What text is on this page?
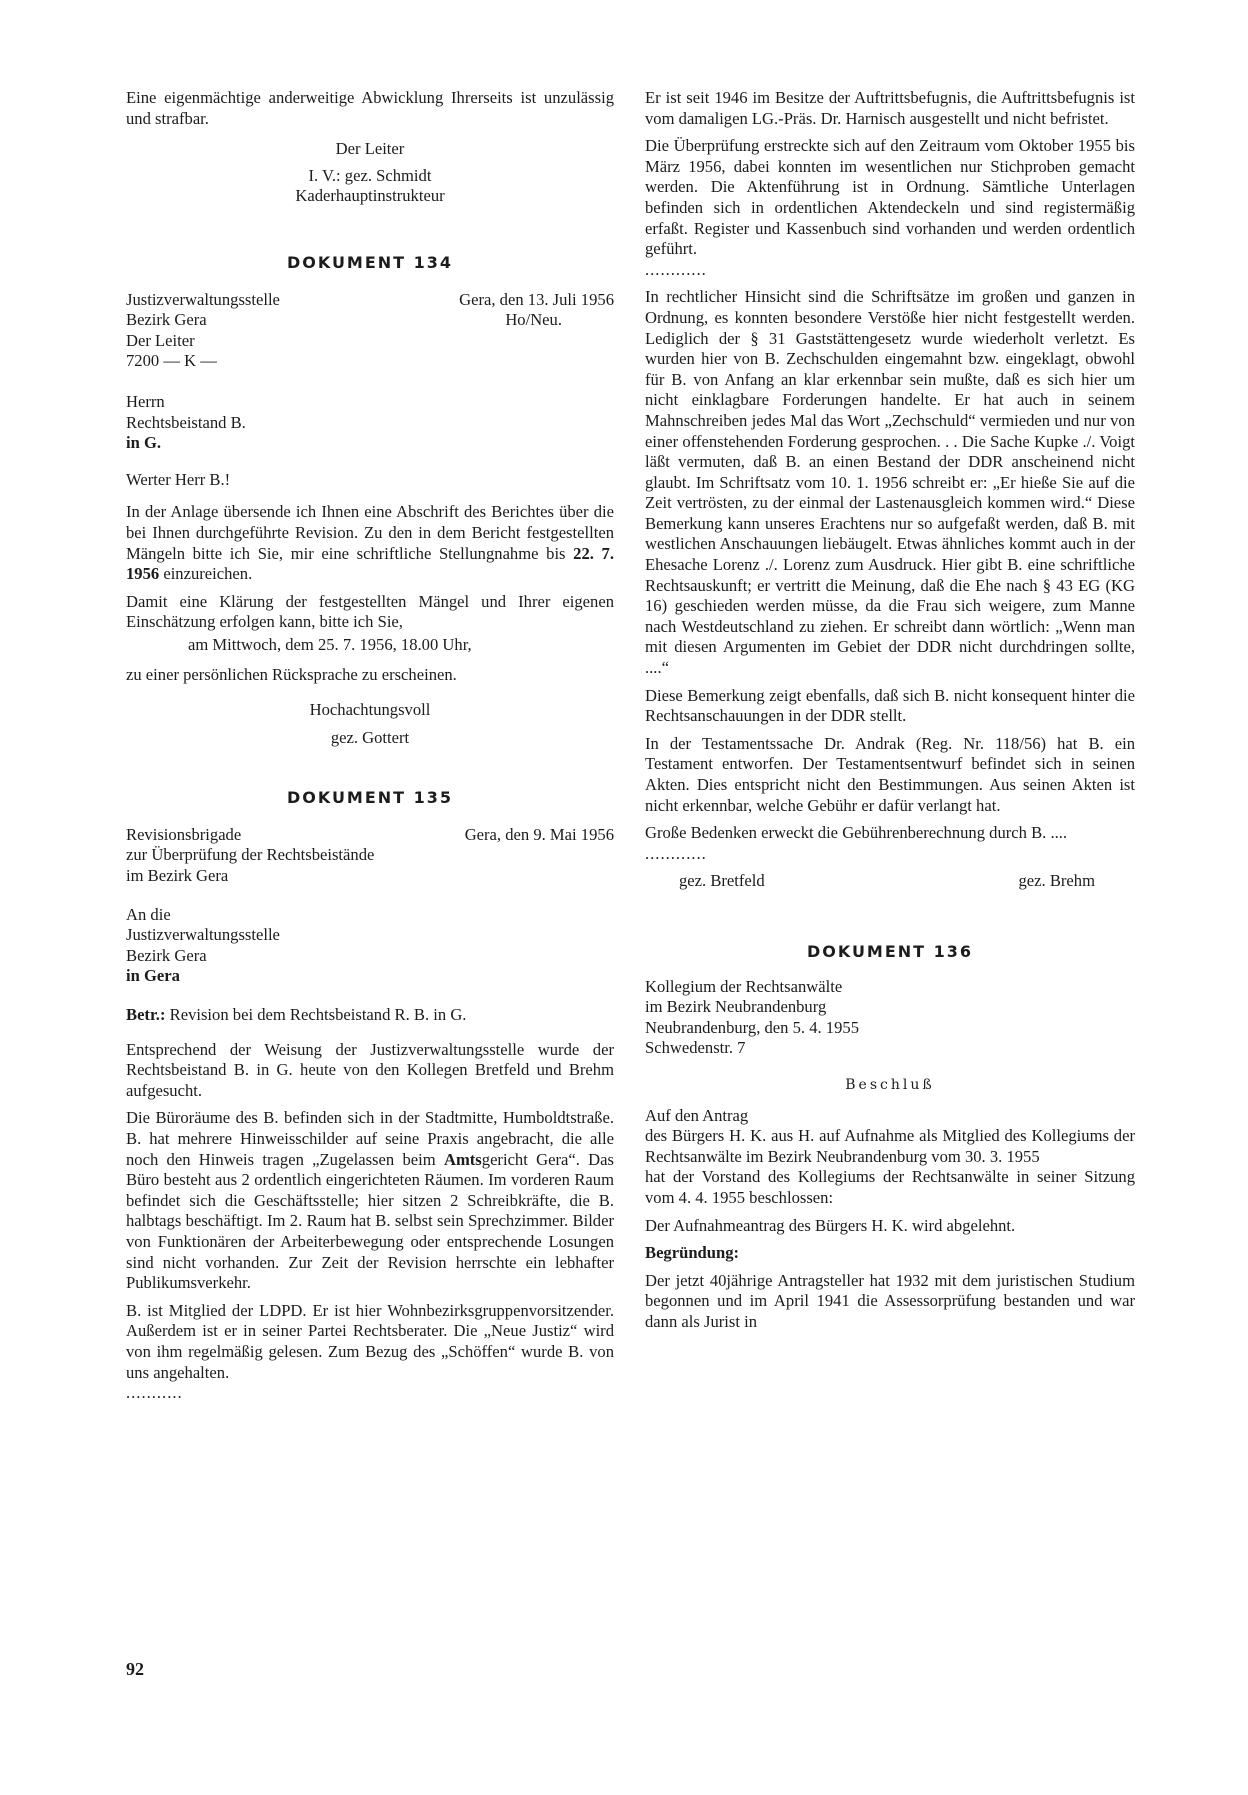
Eine eigenmächtige anderweitige Abwicklung Ihrerseits ist unzulässig und strafbar.

Der Leiter

I. V.: gez. Schmidt

Kaderhauptinstrukteur

DOKUMENT 134
Justizverwaltungsstelle	Gera, den 13. Juli 1956
Bezirk Gera	Ho/Neu.
Der Leiter
7200 — K —
Herrn
Rechtsbeistand B.
in G.

Werter Herr B.!

In der Anlage übersende ich Ihnen eine Abschrift des Berichtes über die bei Ihnen durchgeführte Revision. Zu den in dem Bericht festgestellten Mängeln bitte ich Sie, mir eine schriftliche Stellungnahme bis 22. 7. 1956 einzureichen.

Damit eine Klärung der festgestellten Mängel und Ihrer eigenen Einschätzung erfolgen kann, bitte ich Sie,

am Mittwoch, dem 25. 7. 1956, 18.00 Uhr,

zu einer persönlichen Rücksprache zu erscheinen.

Hochachtungsvoll

gez. Gottert

DOKUMENT 135
Revisionsbrigade	Gera, den 9. Mai 1956
zur Überprüfung der Rechtsbeistände
im Bezirk Gera
An die
Justizverwaltungsstelle
Bezirk Gera
in Gera

Betr.: Revision bei dem Rechtsbeistand R. B. in G.

Entsprechend der Weisung der Justizverwaltungsstelle wurde der Rechtsbeistand B. in G. heute von den Kollegen Bretfeld und Brehm aufgesucht.

Die Büroräume des B. befinden sich in der Stadtmitte, Humboldtstraße. B. hat mehrere Hinweisschilder auf seine Praxis angebracht, die alle noch den Hinweis tragen „Zugelassen beim Amtsgericht Gera“. Das Büro besteht aus 2 ordentlich eingerichteten Räumen. Im vorderen Raum befindet sich die Geschäftsstelle; hier sitzen 2 Schreibkräfte, die B. halbtags beschäftigt. Im 2. Raum hat B. selbst sein Sprechzimmer. Bilder von Funktionären der Arbeiterbewegung oder entsprechende Losungen sind nicht vorhanden. Zur Zeit der Revision herrschte ein lebhafter Publikumsverkehr.

B. ist Mitglied der LDPD. Er ist hier Wohnbezirksgruppenvorsitzender. Außerdem ist er in seiner Partei Rechtsberater. Die „Neue Justiz“ wird von ihm regelmäßig gelesen. Zum Bezug des „Schöffen“ wurde B. von uns angehalten.

...........

Er ist seit 1946 im Besitze der Auftrittsbefugnis, die Auftrittsbefugnis ist vom damaligen LG.-Präs. Dr. Harnisch ausgestellt und nicht befristet.

Die Überprüfung erstreckte sich auf den Zeitraum vom Oktober 1955 bis März 1956, dabei konnten im wesentlichen nur Stichproben gemacht werden. Die Aktenführung ist in Ordnung. Sämtliche Unterlagen befinden sich in ordentlichen Aktendeckeln und sind registermäßig erfaßt. Register und Kassenbuch sind vorhanden und werden ordentlich geführt.

............

In rechtlicher Hinsicht sind die Schriftsätze im großen und ganzen in Ordnung, es konnten besondere Verstöße hier nicht festgestellt werden. Lediglich der § 31 Gaststättengesetz wurde wiederholt verletzt. Es wurden hier von B. Zechschulden eingemahnt bzw. eingeklagt, obwohl für B. von Anfang an klar erkennbar sein mußte, daß es sich hier um nicht einklagbare Forderungen handelte. Er hat auch in seinem Mahnschreiben jedes Mal das Wort „Zechschuld“ vermieden und nur von einer offenstehenden Forderung gesprochen. . . Die Sache Kupke ./. Voigt läßt vermuten, daß B. an einen Bestand der DDR anscheinend nicht glaubt. Im Schriftsatz vom 10. 1. 1956 schreibt er: „Er hieße Sie auf die Zeit vertrösten, zu der einmal der Lastenausgleich kommen wird.“ Diese Bemerkung kann unseres Erachtens nur so aufgefaßt werden, daß B. mit westlichen Anschauungen liebäugelt. Etwas ähnliches kommt auch in der Ehesache Lorenz ./. Lorenz zum Ausdruck. Hier gibt B. eine schriftliche Rechtsauskunft; er vertritt die Meinung, daß die Ehe nach § 43 EG (KG 16) geschieden werden müsse, da die Frau sich weigere, zum Manne nach Westdeutschland zu ziehen. Er schreibt dann wörtlich: „Wenn man mit diesen Argumenten im Gebiet der DDR nicht durchdringen sollte, ....“

Diese Bemerkung zeigt ebenfalls, daß sich B. nicht konsequent hinter die Rechtsanschauungen in der DDR stellt.

In der Testamentssache Dr. Andrak (Reg. Nr. 118/56) hat B. ein Testament entworfen. Der Testamentsentwurf befindet sich in seinen Akten. Dies entspricht nicht den Bestimmungen. Aus seinen Akten ist nicht erkennbar, welche Gebühr er dafür verlangt hat.

Große Bedenken erweckt die Gebührenberechnung durch B. ....

............

gez. Bretfeld	gez. Brehm
DOKUMENT 136
Kollegium der Rechtsanwälte
im Bezirk Neubrandenburg
Neubrandenburg, den 5. 4. 1955
Schwedenstr. 7

Beschluß

Auf den Antrag

des Bürgers H. K. aus H. auf Aufnahme als Mitglied des Kollegiums der Rechtsanwälte im Bezirk Neubrandenburg vom 30. 3. 1955

hat der Vorstand des Kollegiums der Rechtsanwälte in seiner Sitzung vom 4. 4. 1955 beschlossen:

Der Aufnahmeantrag des Bürgers H. K. wird abgelehnt.

Begründung:

Der jetzt 40jährige Antragsteller hat 1932 mit dem juristischen Studium begonnen und im April 1941 die Assessorprüfung bestanden und war dann als Jurist in

92
